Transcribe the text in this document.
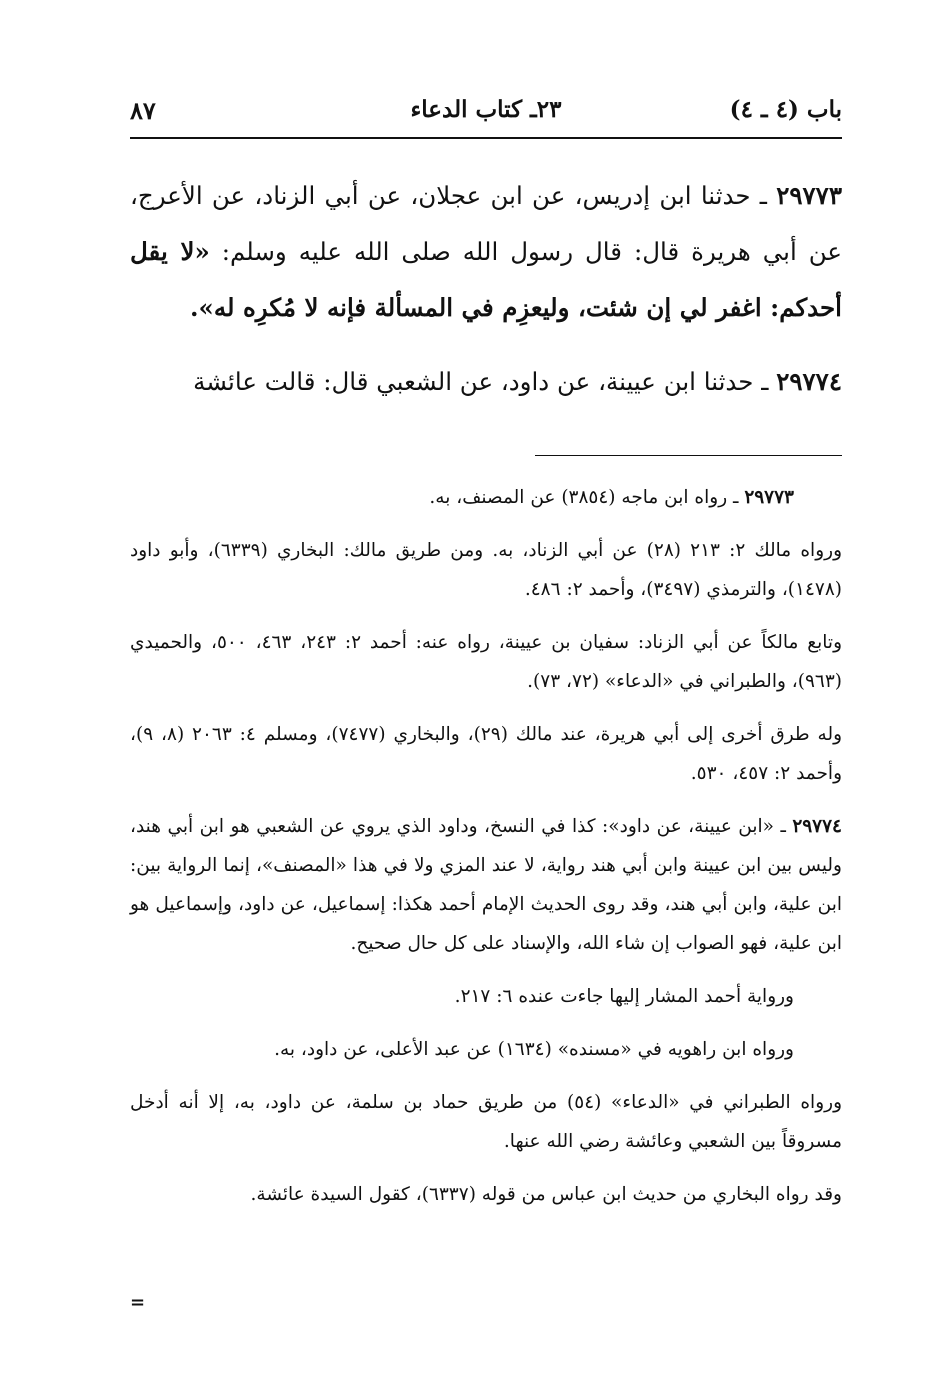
باب (٤ ـ ٤)
٢٣ـ كتاب الدعاء
٨٧

٢٩٧٧٣ ـ حدثنا ابن إدريس، عن ابن عجلان، عن أبي الزناد، عن الأعرج، عن أبي هريرة قال: قال رسول الله صلى الله عليه وسلم: «لا يقل أحدكم: اغفر لي إن شئت، وليعزِم في المسألة فإنه لا مُكرِه له».

٢٩٧٧٤ ـ حدثنا ابن عيينة، عن داود، عن الشعبي قال: قالت عائشة

٢٩٧٧٣ ـ رواه ابن ماجه (٣٨٥٤) عن المصنف، به.

ورواه مالك ٢: ٢١٣ (٢٨) عن أبي الزناد، به. ومن طريق مالك: البخاري (٦٣٣٩)، وأبو داود (١٤٧٨)، والترمذي (٣٤٩٧)، وأحمد ٢: ٤٨٦.

وتابع مالكاً عن أبي الزناد: سفيان بن عيينة، رواه عنه: أحمد ٢: ٢٤٣، ٤٦٣، ٥٠٠، والحميدي (٩٦٣)، والطبراني في «الدعاء» (٧٢، ٧٣).

وله طرق أخرى إلى أبي هريرة، عند مالك (٢٩)، والبخاري (٧٤٧٧)، ومسلم ٤: ٢٠٦٣ (٨، ٩)، وأحمد ٢: ٤٥٧، ٥٣٠.

٢٩٧٧٤ ـ «ابن عيينة، عن داود»: كذا في النسخ، وداود الذي يروي عن الشعبي هو ابن أبي هند، وليس بين ابن عيينة وابن أبي هند رواية، لا عند المزي ولا في هذا «المصنف»، إنما الرواية بين: ابن علية، وابن أبي هند، وقد روى الحديث الإمام أحمد هكذا: إسماعيل، عن داود، وإسماعيل هو ابن علية، فهو الصواب إن شاء الله، والإسناد على كل حال صحيح.

ورواية أحمد المشار إليها جاءت عنده ٦: ٢١٧.

ورواه ابن راهويه في «مسنده» (١٦٣٤) عن عبد الأعلى، عن داود، به.

ورواه الطبراني في «الدعاء» (٥٤) من طريق حماد بن سلمة، عن داود، به، إلا أنه أدخل مسروقاً بين الشعبي وعائشة رضي الله عنها.

وقد رواه البخاري من حديث ابن عباس من قوله (٦٣٣٧)، كقول السيدة عائشة.

=
